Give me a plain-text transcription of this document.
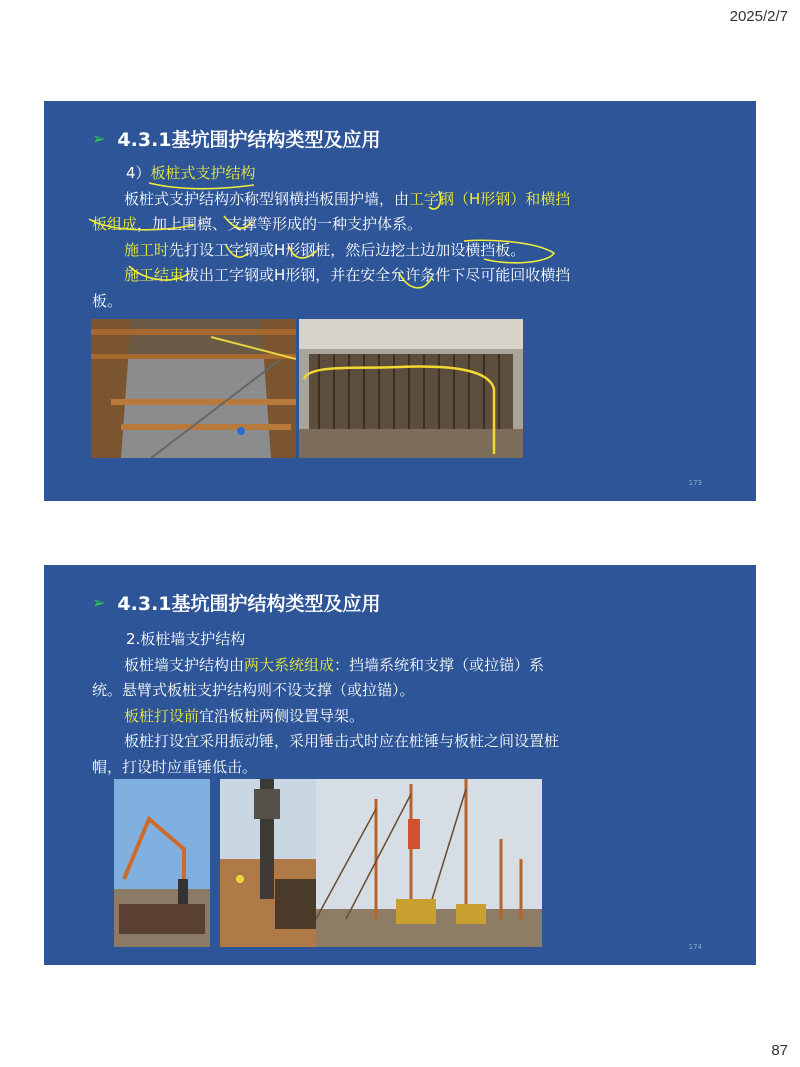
2025/2/7
➢ 4.3.1基坑围护结构类型及应用
4）板桩式支护结构
板桩式支护结构亦称型钢横挡板围护墙，由工字钢（H形钢）和横挡板组成，加上围檩、支撑等形成的一种支护体系。
施工时先打设工字钢或H形钢桩，然后边挖土边加设横挡板。
施工结束拔出工字钢或H形钢，并在安全允许条件下尽可能回收横挡板。
173
➢ 4.3.1基坑围护结构类型及应用
2.板桩墙支护结构
板桩墙支护结构由两大系统组成：挡墙系统和支撑（或拉锚）系统。悬臂式板桩支护结构则不设支撑（或拉锚）。
板桩打设前宜沿板桩两侧设置导架。
板桩打设宜采用振动锤，采用锤击式时应在桩锤与板桩之间设置桩帽，打设时应重锤低击。
174
87
